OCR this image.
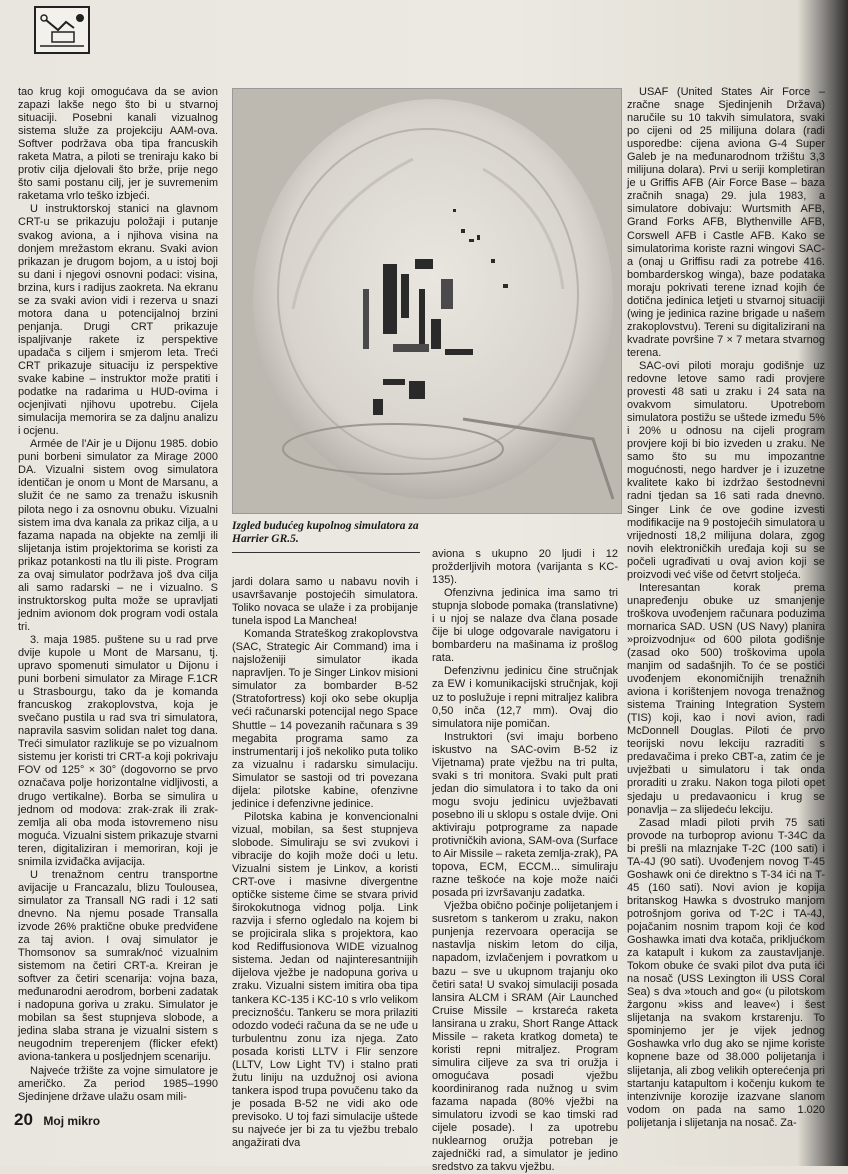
tao krug koji omogućava da se avion zapazi lakše nego što bi u stvarnoj situaciji. Posebni kanali vizualnog sistema služe za projekciju AAM-ova. Softver podržava oba tipa francuskih raketa Matra, a piloti se treniraju kako bi protiv cilja djelovali što brže, prije nego što sami postanu cilj, jer je suvremenim raketama vrlo teško izbjeći.

U instruktorskoj stanici na glavnom CRT-u se prikazuju položaji i putanje svakog aviona, a i njihova visina na donjem mrežastom ekranu. Svaki avion prikazan je drugom bojom, a u istoj boji su dani i njegovi osnovni podaci: visina, brzina, kurs i radijus zaokreta. Na ekranu se za svaki avion vidi i rezerva u snazi motora dana u potencijalnoj brzini penjanja. Drugi CRT prikazuje ispaljivanje rakete iz perspektive upadača s ciljem i smjerom leta. Treći CRT prikazuje situaciju iz perspektive svake kabine – instruktor može pratiti i podatke na radarima u HUD-ovima i ocjenjivati njihovu upotrebu. Cijela simulacija memorira se za daljnu analizu i ocjenu.

Armée de l'Air je u Dijonu 1985. dobio puni borbeni simulator za Mirage 2000 DA. Vizualni sistem ovog simulatora identičan je onom u Mont de Marsanu, a služit će ne samo za trenažu iskusnih pilota nego i za osnovnu obuku. Vizualni sistem ima dva kanala za prikaz cilja, a u fazama napada na objekte na zemlji ili slijetanja istim projektorima se koristi za prikaz potankosti na tlu ili piste. Program za ovaj simulator podržava još dva cilja ali samo radarski – ne i vizualno. S instruktorskog pulta može se upravljati jednim avionom dok program vodi ostala tri.

3. maja 1985. puštene su u rad prve dvije kupole u Mont de Marsanu, tj. upravo spomenuti simulator u Dijonu i puni borbeni simulator za Mirage F.1CR u Strasbourgu, tako da je komanda francuskog zrakoplovstva, koja je svečano pustila u rad sva tri simulatora, napravila sasvim solidan nalet tog dana. Treći simulator razlikuje se po vizualnom sistemu jer koristi tri CRT-a koji pokrivaju FOV od 125° × 30° (dogovorno se prvo označava polje horizontalne vidljivosti, a drugo vertikalne). Borba se simulira u jednom od modova: zrak-zrak ili zrak-zemlja ali oba moda istovremeno nisu moguća. Vizualni sistem prikazuje stvarni teren, digitaliziran i memoriran, koji je snimila izviđačka avijacija.

U trenažnom centru transportne avijacije u Francazalu, blizu Toulousea, simulator za Transall NG radi i 12 sati dnevno. Na njemu posade Transalla izvode 26% praktične obuke predviđene za taj avion. I ovaj simulator je Thomsonov sa sumrak/noć vizualnim sistemom na četiri CRT-a. Kreiran je softver za četiri scenarija: vojna baza, međunarodni aerodrom, borbeni zadatak i nadopuna goriva u zraku. Simulator je mobilan sa šest stupnjeva slobode, a jedina slaba strana je vizualni sistem s neugodnim treperenjem (flicker efekt) aviona-tankera u posljednjem scenariju.

Najveće tržište za vojne simulatore je američko. Za period 1985–1990 Sjedinjene države ulažu osam mili-

Izgled budućeg kupolnog simulatora za Harrier GR.5.

jardi dolara samo u nabavu novih i usavršavanje postojećih simulatora. Toliko novaca se ulaže i za probijanje tunela ispod La Manchea!

Komanda Strateškog zrakoplovstva (SAC, Strategic Air Command) ima i najsloženiji simulator ikada napravljen. To je Singer Linkov misioni simulator za bombarder B-52 (Stratofortress) koji oko sebe okuplja veći računarski potencijal nego Space Shuttle – 14 povezanih računara s 39 megabita programa samo za instrumentarij i još nekoliko puta toliko za vizualnu i radarsku simulaciju. Simulator se sastoji od tri povezana dijela: pilotske kabine, ofenzivne jedinice i defenzivne jedinice.

Pilotska kabina je konvencionalni vizual, mobilan, sa šest stupnjeva slobode. Simuliraju se svi zvukovi i vibracije do kojih može doći u letu. Vizualni sistem je Linkov, a koristi CRT-ove i masivne divergentne optičke sisteme čime se stvara privid širokokutnoga vidnog polja. Link razvija i sferno ogledalo na kojem bi se projicirala slika s projektora, kao kod Rediffusionova WIDE vizualnog sistema. Jedan od najinteresantnijih dijelova vježbe je nadopuna goriva u zraku. Vizualni sistem imitira oba tipa tankera KC-135 i KC-10 s vrlo velikom preciznošću. Tankeru se mora prilaziti odozdo vodeći računa da se ne uđe u turbulentnu zonu iza njega. Zato posada koristi LLTV i Flir senzore (LLTV, Low Light TV) i stalno prati žutu liniju na uzdužnoj osi aviona tankera ispod trupa povučenu tako da je posada B-52 ne vidi ako ode previsoko. U toj fazi simulacije uštede su najveće jer bi za tu vježbu trebalo angažirati dva

aviona s ukupno 20 ljudi i 12 prožderljivih motora (varijanta s KC-135).

Ofenzivna jedinica ima samo tri stupnja slobode pomaka (translativne) i u njoj se nalaze dva člana posade čije bi uloge odgovarale navigatoru i bombarderu na mašinama iz prošlog rata.

Defenzivnu jedinicu čine stručnjak za EW i komunikacijski stručnjak, koji uz to poslužuje i repni mitraljez kalibra 0,50 inča (12,7 mm). Ovaj dio simulatora nije pomičan.

Instruktori (svi imaju borbeno iskustvo na SAC-ovim B-52 iz Vijetnama) prate vježbu na tri pulta, svaki s tri monitora. Svaki pult prati jedan dio simulatora i to tako da oni mogu svoju jedinicu uvježbavati posebno ili u sklopu s ostale dvije. Oni aktiviraju potprograme za napade protivničkih aviona, SAM-ova (Surface to Air Missile – raketa zemlja-zrak), PA topova, ECM, ECCM... simuliraju razne teškoće na koje može naići posada pri izvršavanju zadatka.

Vježba obično počinje polijetanjem i susretom s tankerom u zraku, nakon punjenja rezervoara operacija se nastavlja niskim letom do cilja, napadom, izvlačenjem i povratkom u bazu – sve u ukupnom trajanju oko četiri sata! U svakoj simulaciji posada lansira ALCM i SRAM (Air Launched Cruise Missile – krstareća raketa lansirana u zraku, Short Range Attack Missile – raketa kratkog dometa) te koristi repni mitraljez. Program simulira ciljeve za sva tri oružja i omogućava posadi vježbu koordiniranog rada nužnog u svim fazama napada (80% vježbi na simulatoru izvodi se kao timski rad cijele posade). I za upotrebu nuklearnog oružja potreban je zajednički rad, a simulator je jedino sredstvo za takvu vježbu.

USAF (United States Air Force – zračne snage Sjedinjenih Država) naručile su 10 takvih simulatora, svaki po cijeni od 25 milijuna dolara (radi usporedbe: cijena aviona G-4 Super Galeb je na međunarodnom tržištu 3,3 milijuna dolara). Prvi u seriji kompletiran je u Griffis AFB (Air Force Base – baza zračnih snaga) 29. jula 1983, a simulatore dobivaju: Wurtsmith AFB, Grand Forks AFB, Blythenville AFB, Corswell AFB i Castle AFB. Kako se simulatorima koriste razni wingovi SAC-a (onaj u Griffisu radi za potrebe 416. bombarderskog winga), baze podataka moraju pokrivati terene iznad kojih će dotična jedinica letjeti u stvarnoj situaciji (wing je jedinica razine brigade u našem zrakoplovstvu). Tereni su digitalizirani na kvadrate površine 7 × 7 metara stvarnog terena.

SAC-ovi piloti moraju godišnje uz redovne letove samo radi provjere provesti 48 sati u zraku i 24 sata na ovakvom simulatoru. Upotrebom simulatora postižu se uštede između 5% i 20% u odnosu na cijeli program provjere koji bi bio izveden u zraku. Ne samo što su mu impozantne mogućnosti, nego hardver je i izuzetne kvalitete kako bi izdržao šestodnevni radni tjedan sa 16 sati rada dnevno. Singer Link će ove godine izvesti modifikacije na 9 postojećih simulatora u vrijednosti 18,2 milijuna dolara, zgog novih elektroničkih uređaja koji su se počeli ugrađivati u ovaj avion koji se proizvodi već više od četvrt stoljeća.

Interesantan korak prema unapređenju obuke uz smanjenje troškova uvođenjem računara poduzima mornarica SAD. USN (US Navy) planira »proizvodnju« od 600 pilota godišnje (zasad oko 500) troškovima upola manjim od sadašnjih. To će se postići uvođenjem ekonomičnijih trenažnih aviona i korištenjem novoga trenažnog sistema Training Integration System (TIS) koji, kao i novi avion, radi McDonnell Douglas. Piloti će prvo teorijski novu lekciju razraditi s predavačima i preko CBT-a, zatim će je uvježbati u simulatoru i tak onda proraditi u zraku. Nakon toga piloti opet sjedaju u predavaonicu i krug se ponavlja – za slijedeću lekciju.

Zasad mladi piloti prvih 75 sati provode na turboprop avionu T-34C da bi prešli na mlaznjake T-2C (100 sati) i TA-4J (90 sati). Uvođenjem novog T-45 Goshawk oni će direktno s T-34 ići na T-45 (160 sati). Novi avion je kopija britanskog Hawka s dvostruko manjom potrošnjom goriva od T-2C i TA-4J, pojačanim nosnim trapom koji će kod Goshawka imati dva kotača, prikljućkom za katapult i kukom za zaustavljanje. Tokom obuke će svaki pilot dva puta ići na nosač (USS Lexington ili USS Coral Sea) s dva »touch and go« (u pilotskom žargonu »kiss and leave«) i šest slijetanja na svakom krstarenju. To spominjemo jer je vijek jednog Goshawka vrlo dug ako se njime koriste kopnene baze od 38.000 polijetanja i slijetanja, ali zbog velikih opterećenja pri startanju katapultom i kočenju kukom te intenzivnije korozije izazvane slanom vodom on pada na samo 1.020 polijetanja i slijetanja na nosač. Za-

20 Moj mikro
